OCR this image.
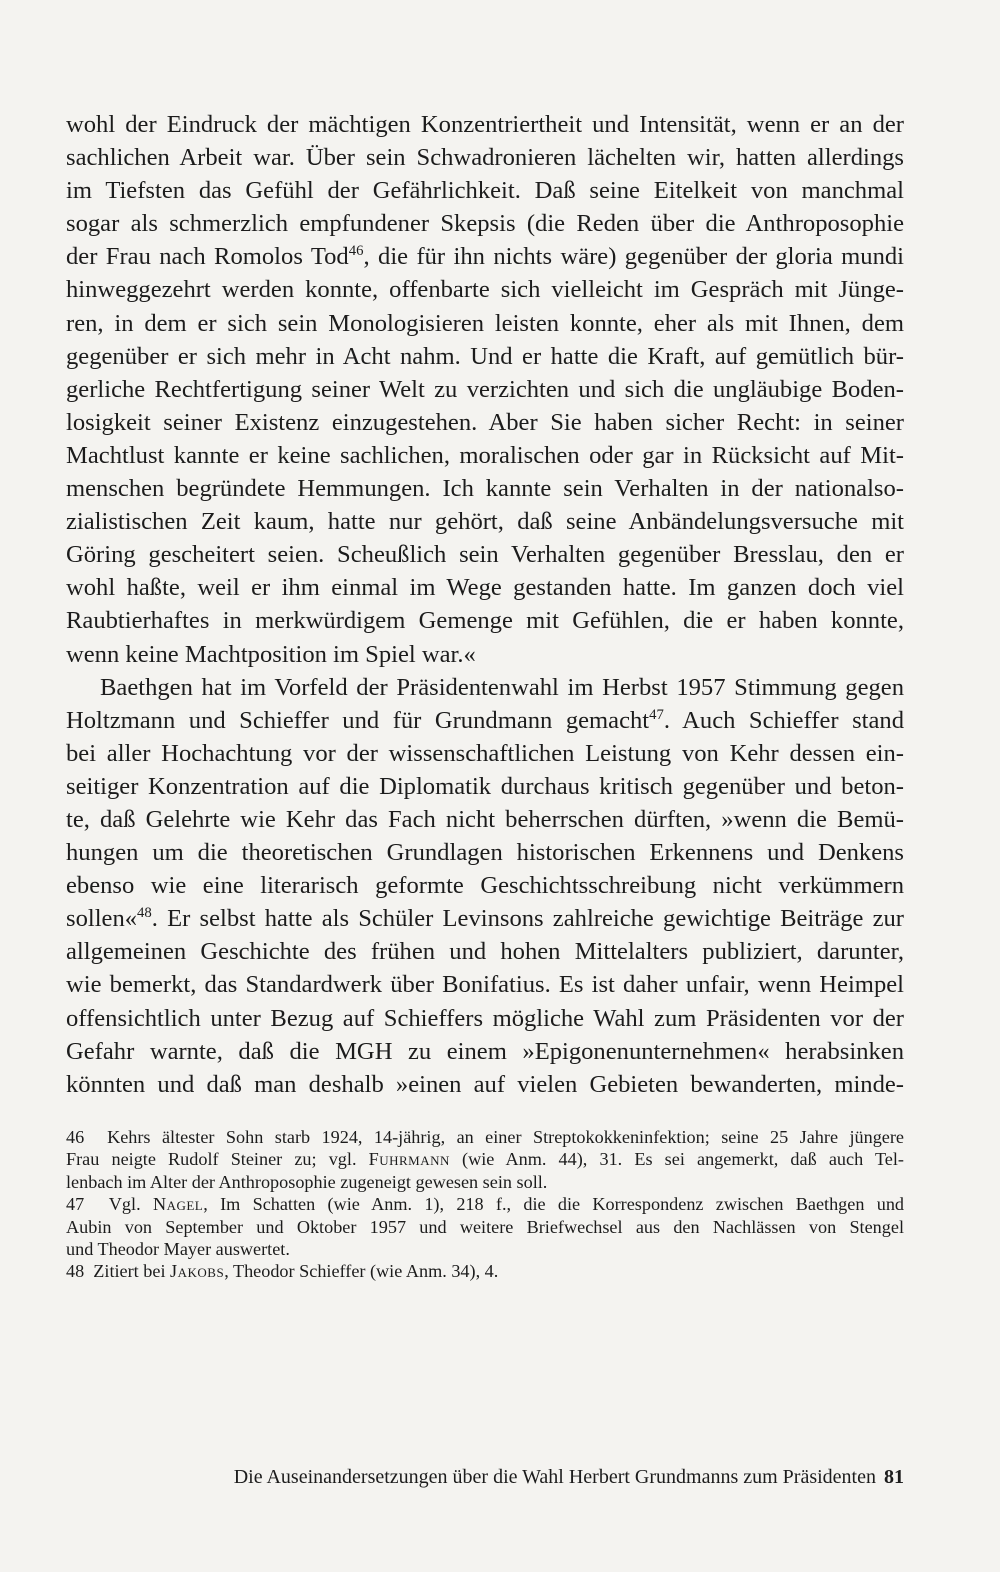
wohl der Eindruck der mächtigen Konzentriertheit und Intensität, wenn er an der
sachlichen Arbeit war. Über sein Schwadronieren lächelten wir, hatten allerdings
im Tiefsten das Gefühl der Gefährlichkeit. Daß seine Eitelkeit von manchmal
sogar als schmerzlich empfundener Skepsis (die Reden über die Anthroposophie
der Frau nach Romolos Tod$^{46}$, die für ihn nichts wäre) gegenüber der gloria mundi
hinweggezehrt werden konnte, offenbarte sich vielleicht im Gespräch mit Jünge-
ren, in dem er sich sein Monologisieren leisten konnte, eher als mit Ihnen, dem
gegenüber er sich mehr in Acht nahm. Und er hatte die Kraft, auf gemütlich bür-
gerliche Rechtfertigung seiner Welt zu verzichten und sich die ungläubige Boden-
losigkeit seiner Existenz einzugestehen. Aber Sie haben sicher Recht: in seiner
Machtlust kannte er keine sachlichen, moralischen oder gar in Rücksicht auf Mit-
menschen begründete Hemmungen. Ich kannte sein Verhalten in der nationalso-
zialistischen Zeit kaum, hatte nur gehört, daß seine Anbändelungsversuche mit
Göring gescheitert seien. Scheußlich sein Verhalten gegenüber Bresslau, den er
wohl haßte, weil er ihm einmal im Wege gestanden hatte. Im ganzen doch viel
Raubtierhaftes in merkwürdigem Gemenge mit Gefühlen, die er haben konnte,
wenn keine Machtposition im Spiel war.«
Baethgen hat im Vorfeld der Präsidentenwahl im Herbst 1957 Stimmung gegen
Holtzmann und Schieffer und für Grundmann gemacht$^{47}$. Auch Schieffer stand
bei aller Hochachtung vor der wissenschaftlichen Leistung von Kehr dessen ein-
seitiger Konzentration auf die Diplomatik durchaus kritisch gegenüber und beton-
te, daß Gelehrte wie Kehr das Fach nicht beherrschen dürften, »wenn die Bemü-
hungen um die theoretischen Grundlagen historischen Erkennens und Denkens
ebenso wie eine literarisch geformte Geschichtsschreibung nicht verkümmern
sollen«$^{48}$. Er selbst hatte als Schüler Levinsons zahlreiche gewichtige Beiträge zur
allgemeinen Geschichte des frühen und hohen Mittelalters publiziert, darunter,
wie bemerkt, das Standardwerk über Bonifatius. Es ist daher unfair, wenn Heimpel
offensichtlich unter Bezug auf Schieffers mögliche Wahl zum Präsidenten vor der
Gefahr warnte, daß die MGH zu einem »Epigonenunternehmen« herabsinken
könnten und daß man deshalb »einen auf vielen Gebieten bewanderten, minde-
46 Kehrs ältester Sohn starb 1924, 14-jährig, an einer Streptokokkeninfektion; seine 25 Jahre jüngere
Frau neigte Rudolf Steiner zu; vgl. Fuhrmann (wie Anm. 44), 31. Es sei angemerkt, daß auch Tel-
lenbach im Alter der Anthroposophie zugeneigt gewesen sein soll.
47 Vgl. Nagel, Im Schatten (wie Anm. 1), 218 f., die die Korrespondenz zwischen Baethgen und
Aubin von September und Oktober 1957 und weitere Briefwechsel aus den Nachlässen von Stengel
und Theodor Mayer auswertet.
48 Zitiert bei Jakobs, Theodor Schieffer (wie Anm. 34), 4.
Die Auseinandersetzungen über die Wahl Herbert Grundmanns zum Präsidenten 81
